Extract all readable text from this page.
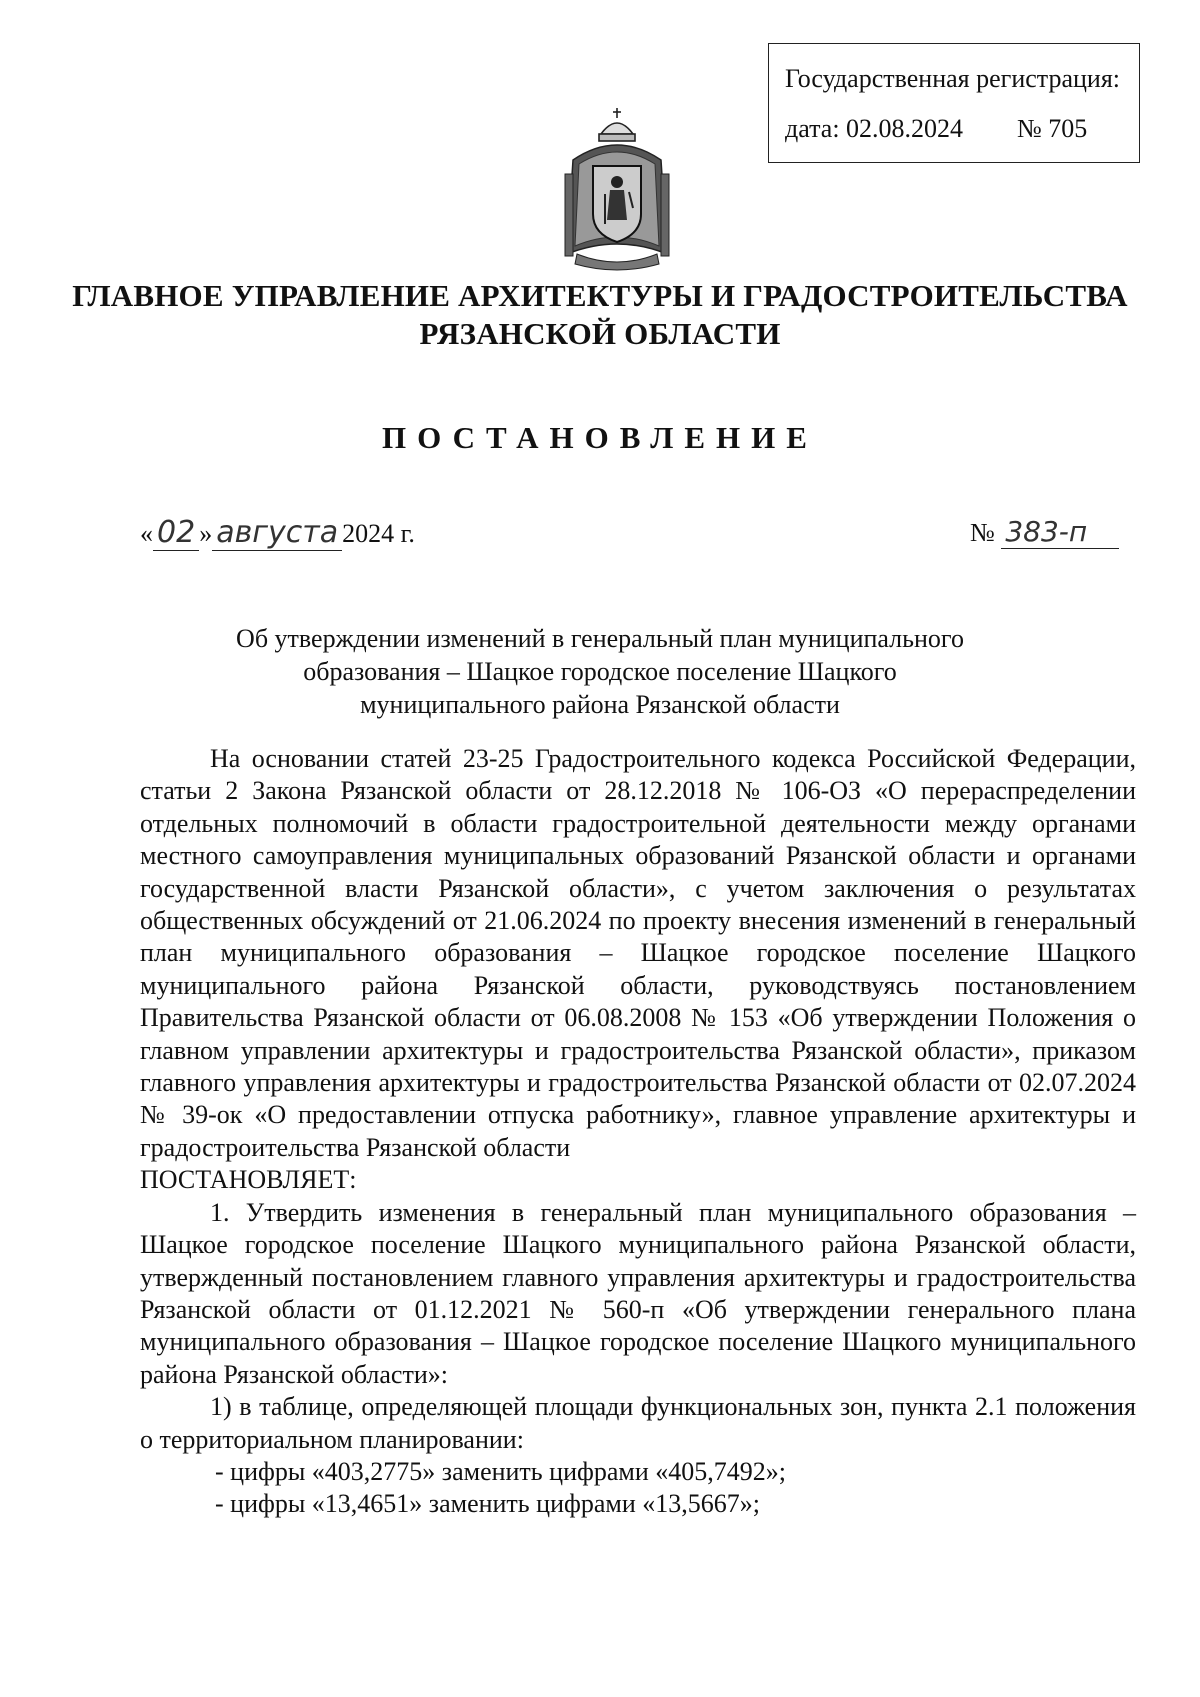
Государственная регистрация:
дата: 02.08.2024 № 705
ГЛАВНОЕ УПРАВЛЕНИЕ АРХИТЕКТУРЫ И ГРАДОСТРОИТЕЛЬСТВА
РЯЗАНСКОЙ ОБЛАСТИ
ПОСТАНОВЛЕНИЕ
« 02 » августа 2024 г.	№ 383-п
Об утверждении изменений в генеральный план муниципального
образования – Шацкое городское поселение Шацкого
муниципального района Рязанской области

На основании статей 23-25 Градостроительного кодекса Российской Федерации, статьи 2 Закона Рязанской области от 28.12.2018 № 106-ОЗ «О перераспределении отдельных полномочий в области градостроительной деятельности между органами местного самоуправления муниципальных образований Рязанской области и органами государственной власти Рязанской области», с учетом заключения о результатах общественных обсуждений от 21.06.2024 по проекту внесения изменений в генеральный план муниципального образования – Шацкое городское поселение Шацкого муниципального района Рязанской области, руководствуясь постановлением Правительства Рязанской области от 06.08.2008 № 153 «Об утверждении Положения о главном управлении архитектуры и градостроительства Рязанской области», приказом главного управления архитектуры и градостроительства Рязанской области от 02.07.2024 № 39-ок «О предоставлении отпуска работнику», главное управление архитектуры и градостроительства Рязанской области

ПОСТАНОВЛЯЕТ:

1. Утвердить изменения в генеральный план муниципального образования – Шацкое городское поселение Шацкого муниципального района Рязанской области, утвержденный постановлением главного управления архитектуры и градостроительства Рязанской области от 01.12.2021 № 560-п «Об утверждении генерального плана муниципального образования – Шацкое городское поселение Шацкого муниципального района Рязанской области»:

1) в таблице, определяющей площади функциональных зон, пункта 2.1 положения о территориальном планировании:

- цифры «403,2775» заменить цифрами «405,7492»;

- цифры «13,4651» заменить цифрами «13,5667»;
